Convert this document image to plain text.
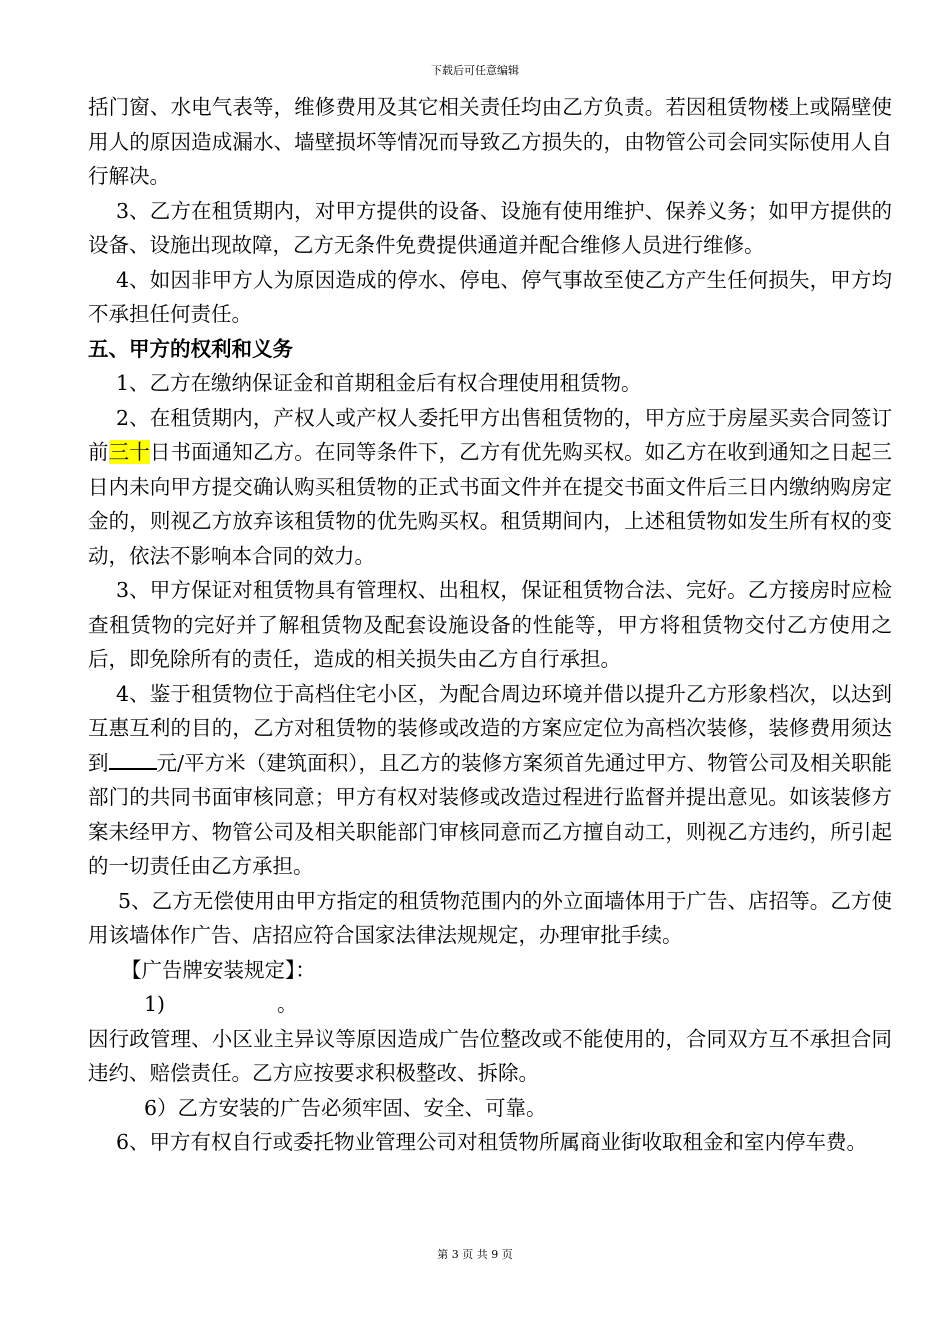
下载后可任意编辑

括门窗、水电气表等，维修费用及其它相关责任均由乙方负责。若因租赁物楼上或隔壁使用人的原因造成漏水、墙壁损坏等情况而导致乙方损失的，由物管公司会同实际使用人自行解决。

3、乙方在租赁期内，对甲方提供的设备、设施有使用维护、保养义务；如甲方提供的设备、设施出现故障，乙方无条件免费提供通道并配合维修人员进行维修。

4、如因非甲方人为原因造成的停水、停电、停气事故至使乙方产生任何损失，甲方均不承担任何责任。

五、甲方的权利和义务

1、乙方在缴纳保证金和首期租金后有权合理使用租赁物。

2、在租赁期内，产权人或产权人委托甲方出售租赁物的，甲方应于房屋买卖合同签订前三十日书面通知乙方。在同等条件下，乙方有优先购买权。如乙方在收到通知之日起三日内未向甲方提交确认购买租赁物的正式书面文件并在提交书面文件后三日内缴纳购房定金的，则视乙方放弃该租赁物的优先购买权。租赁期间内，上述租赁物如发生所有权的变动，依法不影响本合同的效力。

3、甲方保证对租赁物具有管理权、出租权，保证租赁物合法、完好。乙方接房时应检查租赁物的完好并了解租赁物及配套设施设备的性能等，甲方将租赁物交付乙方使用之后，即免除所有的责任，造成的相关损失由乙方自行承担。

4、鉴于租赁物位于高档住宅小区，为配合周边环境并借以提升乙方形象档次，以达到互惠互利的目的，乙方对租赁物的装修或改造的方案应定位为高档次装修，装修费用须达到 元/平方米（建筑面积），且乙方的装修方案须首先通过甲方、物管公司及相关职能部门的共同书面审核同意；甲方有权对装修或改造过程进行监督并提出意见。如该装修方案未经甲方、物管公司及相关职能部门审核同意而乙方擅自动工，则视乙方违约，所引起的一切责任由乙方承担。

5、乙方无偿使用由甲方指定的租赁物范围内的外立面墙体用于广告、店招等。乙方使用该墙体作广告、店招应符合国家法律法规规定，办理审批手续。

【广告牌安装规定】：

1)	。

因行政管理、小区业主异议等原因造成广告位整改或不能使用的，合同双方互不承担合同违约、赔偿责任。乙方应按要求积极整改、拆除。

6）乙方安装的广告必须牢固、安全、可靠。

6、甲方有权自行或委托物业管理公司对租赁物所属商业街收取租金和室内停车费。

第 3 页 共 9 页
